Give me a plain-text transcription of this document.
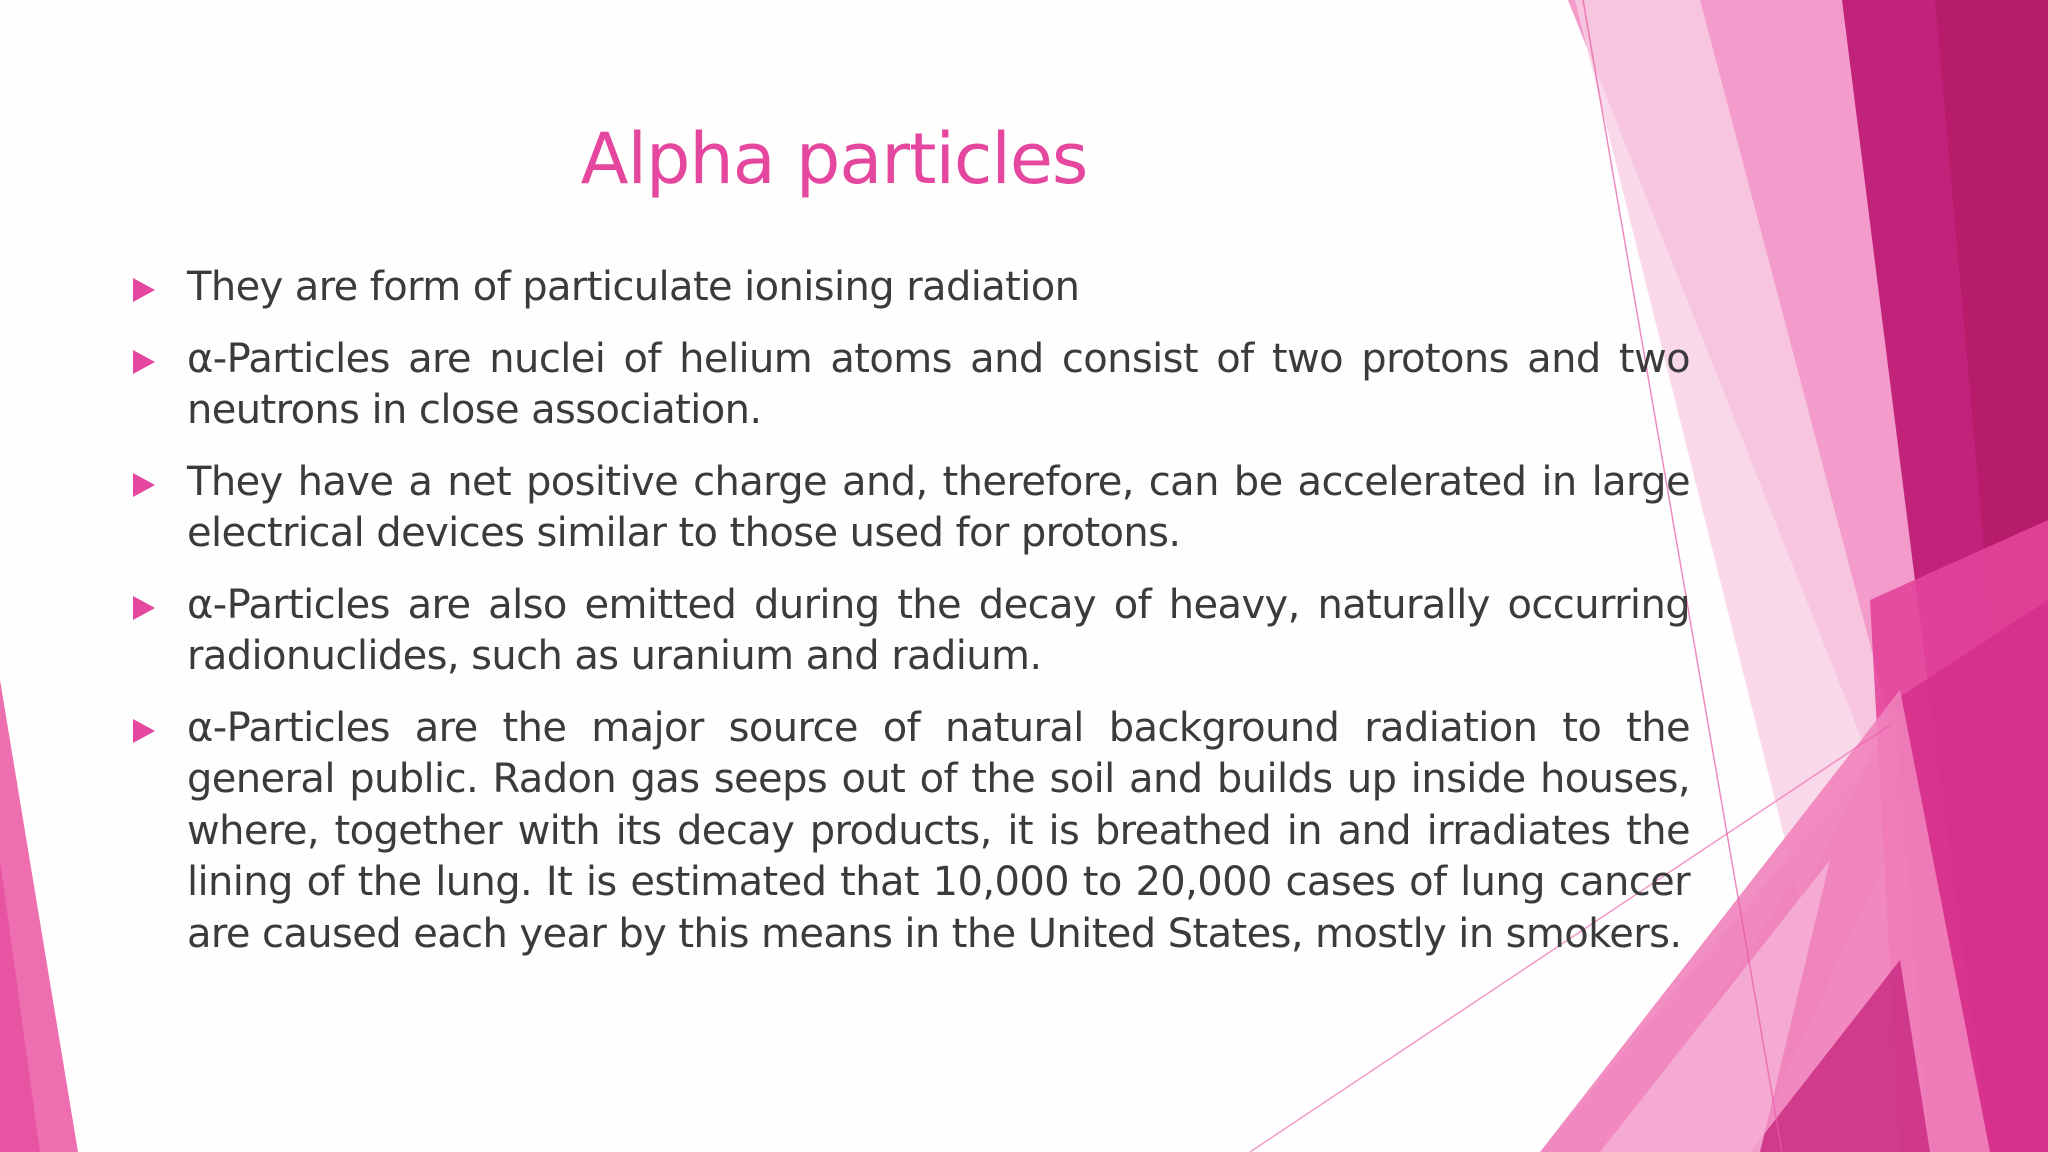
Alpha particles
They are form of particulate ionising radiation
α-Particles are nuclei of helium atoms and consist of two protons and two neutrons in close association.
They have a net positive charge and, therefore, can be accelerated in large electrical devices similar to those used for protons.
α-Particles are also emitted during the decay of heavy, naturally occurring radionuclides, such as uranium and radium.
α-Particles are the major source of natural background radiation to the general public. Radon gas seeps out of the soil and builds up inside houses, where, together with its decay products, it is breathed in and irradiates the lining of the lung. It is estimated that 10,000 to 20,000 cases of lung cancer are caused each year by this means in the United States, mostly in smokers.
